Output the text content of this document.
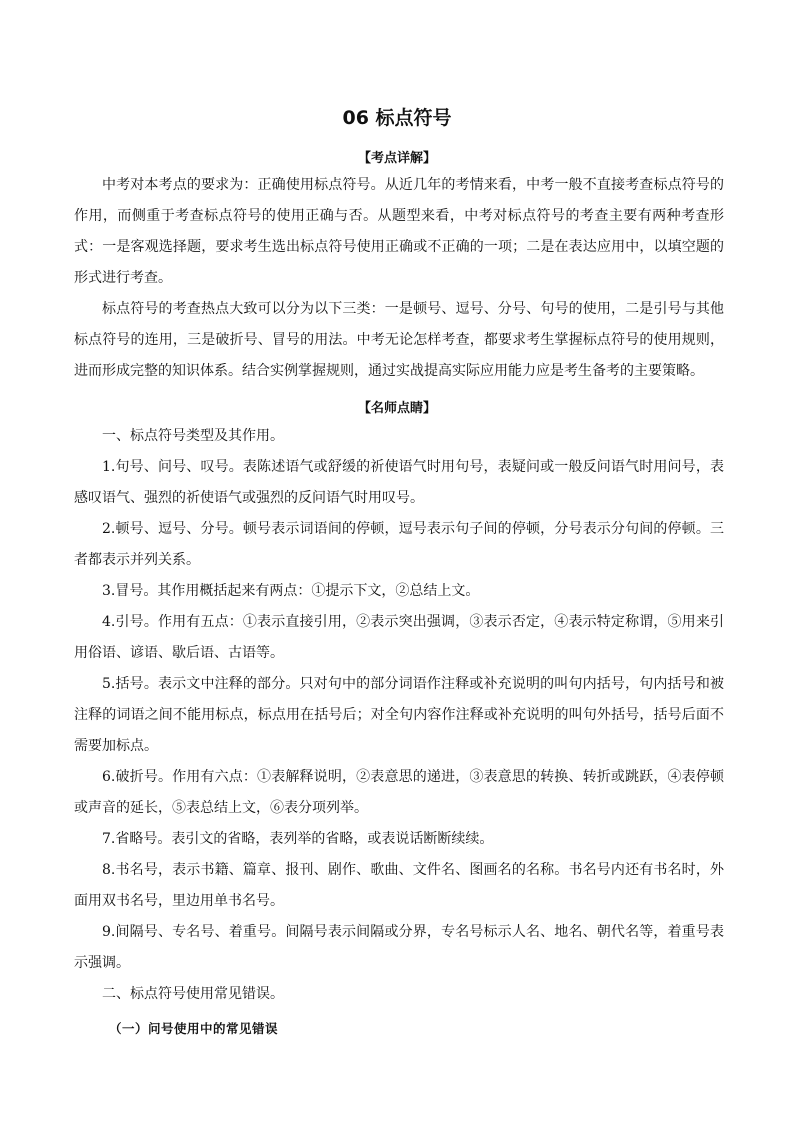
06 标点符号
【考点详解】

中考对本考点的要求为：正确使用标点符号。从近几年的考情来看，中考一般不直接考查标点符号的作用，而侧重于考查标点符号的使用正确与否。从题型来看，中考对标点符号的考查主要有两种考查形式：一是客观选择题，要求考生选出标点符号使用正确或不正确的一项；二是在表达应用中，以填空题的形式进行考查。

标点符号的考查热点大致可以分为以下三类：一是顿号、逗号、分号、句号的使用，二是引号与其他标点符号的连用，三是破折号、冒号的用法。中考无论怎样考查，都要求考生掌握标点符号的使用规则，进而形成完整的知识体系。结合实例掌握规则，通过实战提高实际应用能力应是考生备考的主要策略。

【名师点睛】

一、标点符号类型及其作用。

1.句号、问号、叹号。表陈述语气或舒缓的祈使语气时用句号，表疑问或一般反问语气时用问号，表感叹语气、强烈的祈使语气或强烈的反问语气时用叹号。

2.顿号、逗号、分号。顿号表示词语间的停顿，逗号表示句子间的停顿，分号表示分句间的停顿。三者都表示并列关系。

3.冒号。其作用概括起来有两点：①提示下文，②总结上文。

4.引号。作用有五点：①表示直接引用，②表示突出强调，③表示否定，④表示特定称谓，⑤用来引用俗语、谚语、歇后语、古语等。

5.括号。表示文中注释的部分。只对句中的部分词语作注释或补充说明的叫句内括号，句内括号和被注释的词语之间不能用标点，标点用在括号后；对全句内容作注释或补充说明的叫句外括号，括号后面不需要加标点。

6.破折号。作用有六点：①表解释说明，②表意思的递进，③表意思的转换、转折或跳跃，④表停顿或声音的延长，⑤表总结上文，⑥表分项列举。

7.省略号。表引文的省略，表列举的省略，或表说话断断续续。

8.书名号，表示书籍、篇章、报刊、剧作、歌曲、文件名、图画名的名称。书名号内还有书名时，外面用双书名号，里边用单书名号。

9.间隔号、专名号、着重号。间隔号表示间隔或分界，专名号标示人名、地名、朝代名等，着重号表示强调。

二、标点符号使用常见错误。

（一）问号使用中的常见错误
